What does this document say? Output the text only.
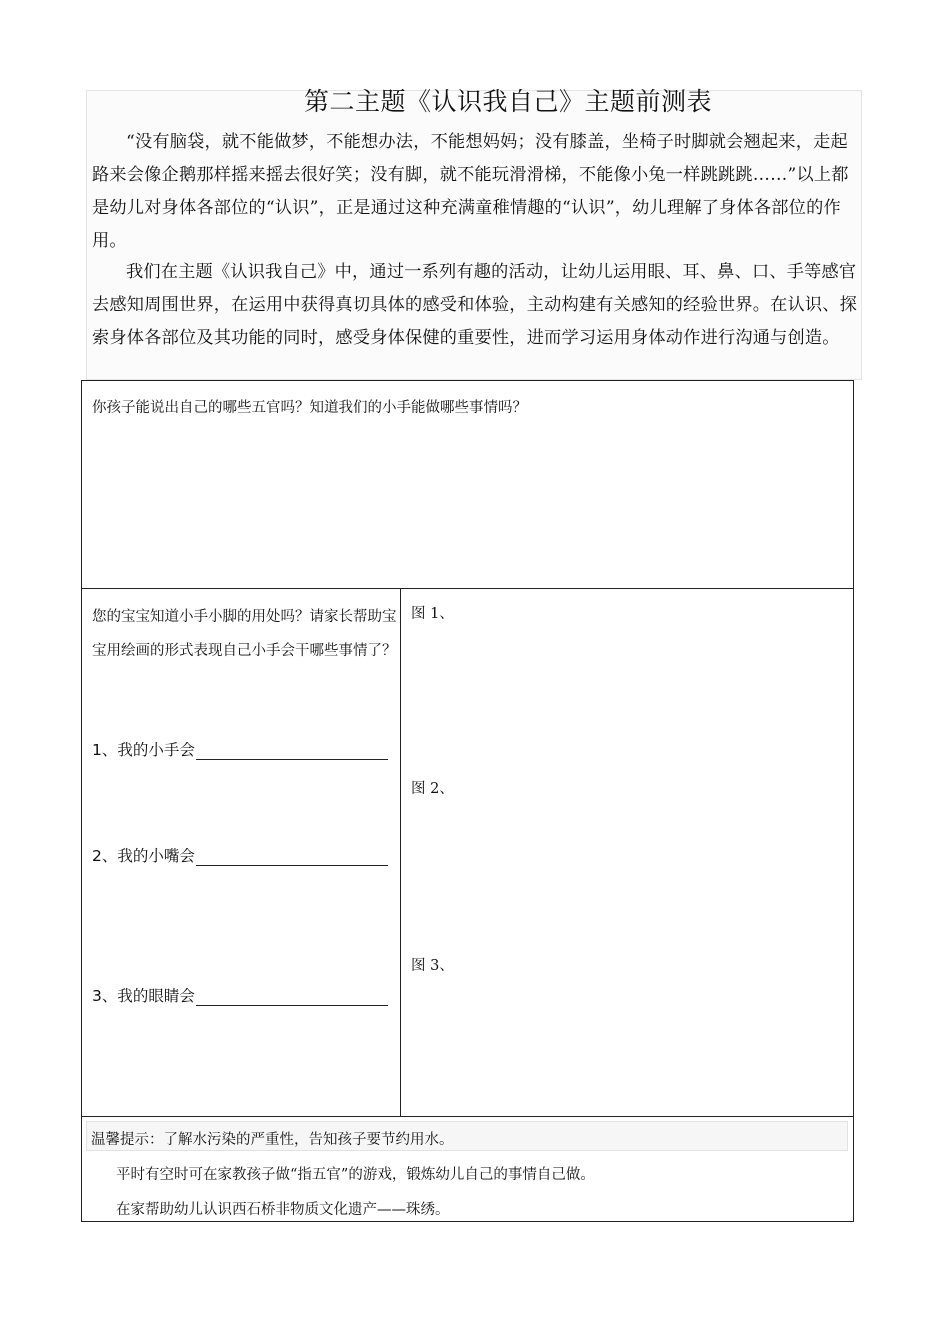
第二主题《认识我自己》主题前测表

“没有脑袋，就不能做梦，不能想办法，不能想妈妈；没有膝盖，坐椅子时脚就会翘起来，走起路来会像企鹅那样摇来摇去很好笑；没有脚，就不能玩滑滑梯，不能像小兔一样跳跳跳……”以上都是幼儿对身体各部位的“认识”，正是通过这种充满童稚情趣的“认识”，幼儿理解了身体各部位的作用。

我们在主题《认识我自己》中，通过一系列有趣的活动，让幼儿运用眼、耳、鼻、口、手等感官去感知周围世界，在运用中获得真切具体的感受和体验，主动构建有关感知的经验世界。在认识、探索身体各部位及其功能的同时，感受身体保健的重要性，进而学习运用身体动作进行沟通与创造。

你孩子能说出自己的哪些五官吗？知道我们的小手能做哪些事情吗？

您的宝宝知道小手小脚的用处吗？请家长帮助宝宝用绘画的形式表现自己小手会干哪些事情了？

1、我的小手会
2、我的小嘴会
3、我的眼睛会
图 1、
图 2、
图 3、
温馨提示：了解水污染的严重性，告知孩子要节约用水。
平时有空时可在家教孩子做“指五官”的游戏，锻炼幼儿自己的事情自己做。
在家帮助幼儿认识西石桥非物质文化遗产——珠绣。
